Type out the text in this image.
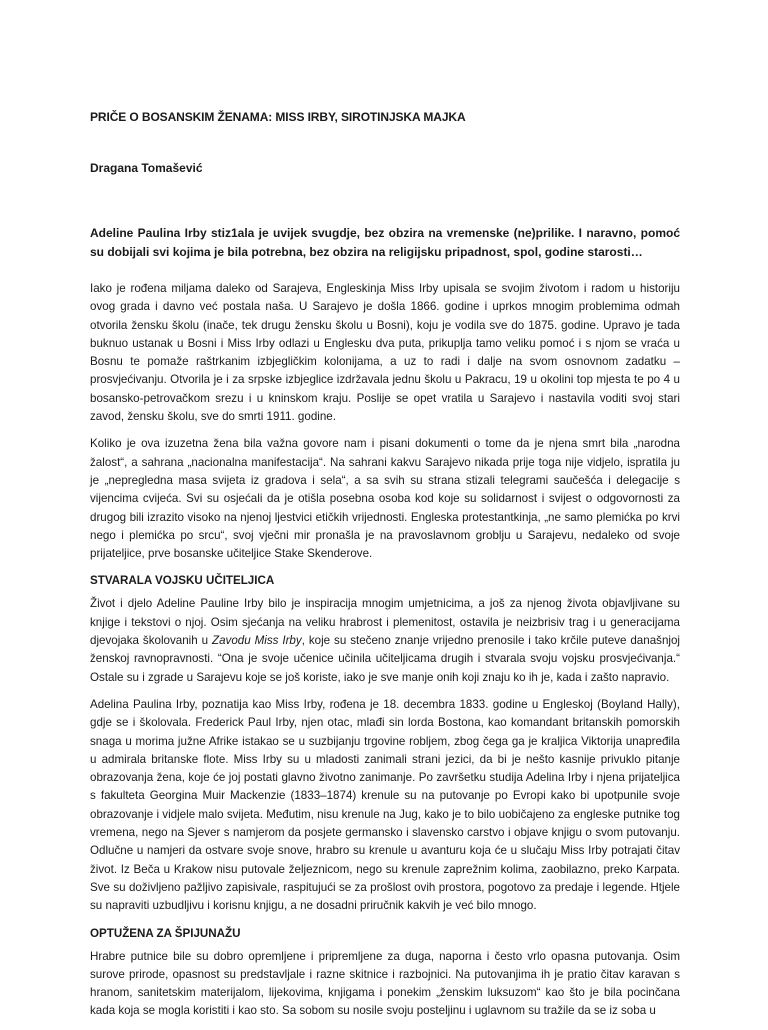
PRIČE O BOSANSKIM ŽENAMA: MISS IRBY, SIROTINJSKA MAJKA
Dragana Tomašević
Adeline Paulina Irby stiz1ala je uvijek svugdje, bez obzira na vremenske (ne)prilike. I naravno, pomoć su dobijali svi kojima je bila potrebna, bez obzira na religijsku pripadnost, spol, godine starosti…

Iako je rođena miljama daleko od Sarajeva, Engleskinja Miss Irby upisala se svojim životom i radom u historiju ovog grada i davno već postala naša. U Sarajevo je došla 1866. godine i uprkos mnogim problemima odmah otvorila žensku školu (inače, tek drugu žensku školu u Bosni), koju je vodila sve do 1875. godine. Upravo je tada buknuo ustanak u Bosni i Miss Irby odlazi u Englesku dva puta, prikuplja tamo veliku pomoć i s njom se vraća u Bosnu te pomaže raštrkanim izbjegličkim kolonijama, a uz to radi i dalje na svom osnovnom zadatku – prosvjećivanju. Otvorila je i za srpske izbjeglice izdržavala jednu školu u Pakracu, 19 u okolini top mjesta te po 4 u bosansko-petrovačkom srezu i u kninskom kraju. Poslije se opet vratila u Sarajevo i nastavila voditi svoj stari zavod, žensku školu, sve do smrti 1911. godine.

Koliko je ova izuzetna žena bila važna govore nam i pisani dokumenti o tome da je njena smrt bila „narodna žalost“, a sahrana „nacionalna manifestacija“. Na sahrani kakvu Sarajevo nikada prije toga nije vidjelo, ispratila ju je „nepregledna masa svijeta iz gradova i sela“, a sa svih su strana stizali telegrami saučešća i delegacije s vijencima cvijeća. Svi su osjećali da je otišla posebna osoba kod koje su solidarnost i svijest o odgovornosti za drugog bili izrazito visoko na njenoj ljestvici etičkih vrijednosti. Engleska protestantkinja, „ne samo plemićka po krvi nego i plemićka po srcu“, svoj vječni mir pronašla je na pravoslavnom groblju u Sarajevu, nedaleko od svoje prijateljice, prve bosanske učiteljice Stake Skenderove.

STVARALA VOJSKU UČITELJICA

Život i djelo Adeline Pauline Irby bilo je inspiracija mnogim umjetnicima, a još za njenog života objavljivane su knjige i tekstovi o njoj. Osim sjećanja na veliku hrabrost i plemenitost, ostavila je neizbrisiv trag i u generacijama djevojaka školovanih u Zavodu Miss Irby, koje su stečeno znanje vrijedno prenosile i tako krčile puteve današnjoj ženskoj ravnopravnosti. “Ona je svoje učenice učinila učiteljicama drugih i stvarala svoju vojsku prosvjećivanja.“ Ostale su i zgrade u Sarajevu koje se još koriste, iako je sve manje onih koji znaju ko ih je, kada i zašto napravio.

Adelina Paulina Irby, poznatija kao Miss Irby, rođena je 18. decembra 1833. godine u Engleskoj (Boyland Hally), gdje se i školovala. Frederick Paul Irby, njen otac, mlađi sin lorda Bostona, kao komandant britanskih pomorskih snaga u morima južne Afrike istakao se u suzbijanju trgovine robljem, zbog čega ga je kraljica Viktorija unapređila u admirala britanske flote. Miss Irby su u mladosti zanimali strani jezici, da bi je nešto kasnije privuklo pitanje obrazovanja žena, koje će joj postati glavno životno zanimanje. Po završetku studija Adelina Irby i njena prijateljica s fakulteta Georgina Muir Mackenzie (1833–1874) krenule su na putovanje po Evropi kako bi upotpunile svoje obrazovanje i vidjele malo svijeta. Međutim, nisu krenule na Jug, kako je to bilo uobičajeno za engleske putnike tog vremena, nego na Sjever s namjerom da posjete germansko i slavensko carstvo i objave knjigu o svom putovanju. Odlučne u namjeri da ostvare svoje snove, hrabro su krenule u avanturu koja će u slučaju Miss Irby potrajati čitav život. Iz Beča u Krakow nisu putovale željeznicom, nego su krenule zaprežnim kolima, zaobilazno, preko Karpata. Sve su doživljeno pažljivo zapisivale, raspitujući se za prošlost ovih prostora, pogotovo za predaje i legende. Htjele su napraviti uzbudljivu i korisnu knjigu, a ne dosadni priručnik kakvih je već bilo mnogo.

OPTUŽENA ZA ŠPIJUNAŽU

Hrabre putnice bile su dobro opremljene i pripremljene za duga, naporna i često vrlo opasna putovanja. Osim surove prirode, opasnost su predstavljale i razne skitnice i razbojnici. Na putovanjima ih je pratio čitav karavan s hranom, sanitetskim materijalom, lijekovima, knjigama i ponekim „ženskim luksuzom“ kao što je bila pocinčana kada koja se mogla koristiti i kao sto. Sa sobom su nosile svoju posteljinu i uglavnom su tražile da se iz soba u
